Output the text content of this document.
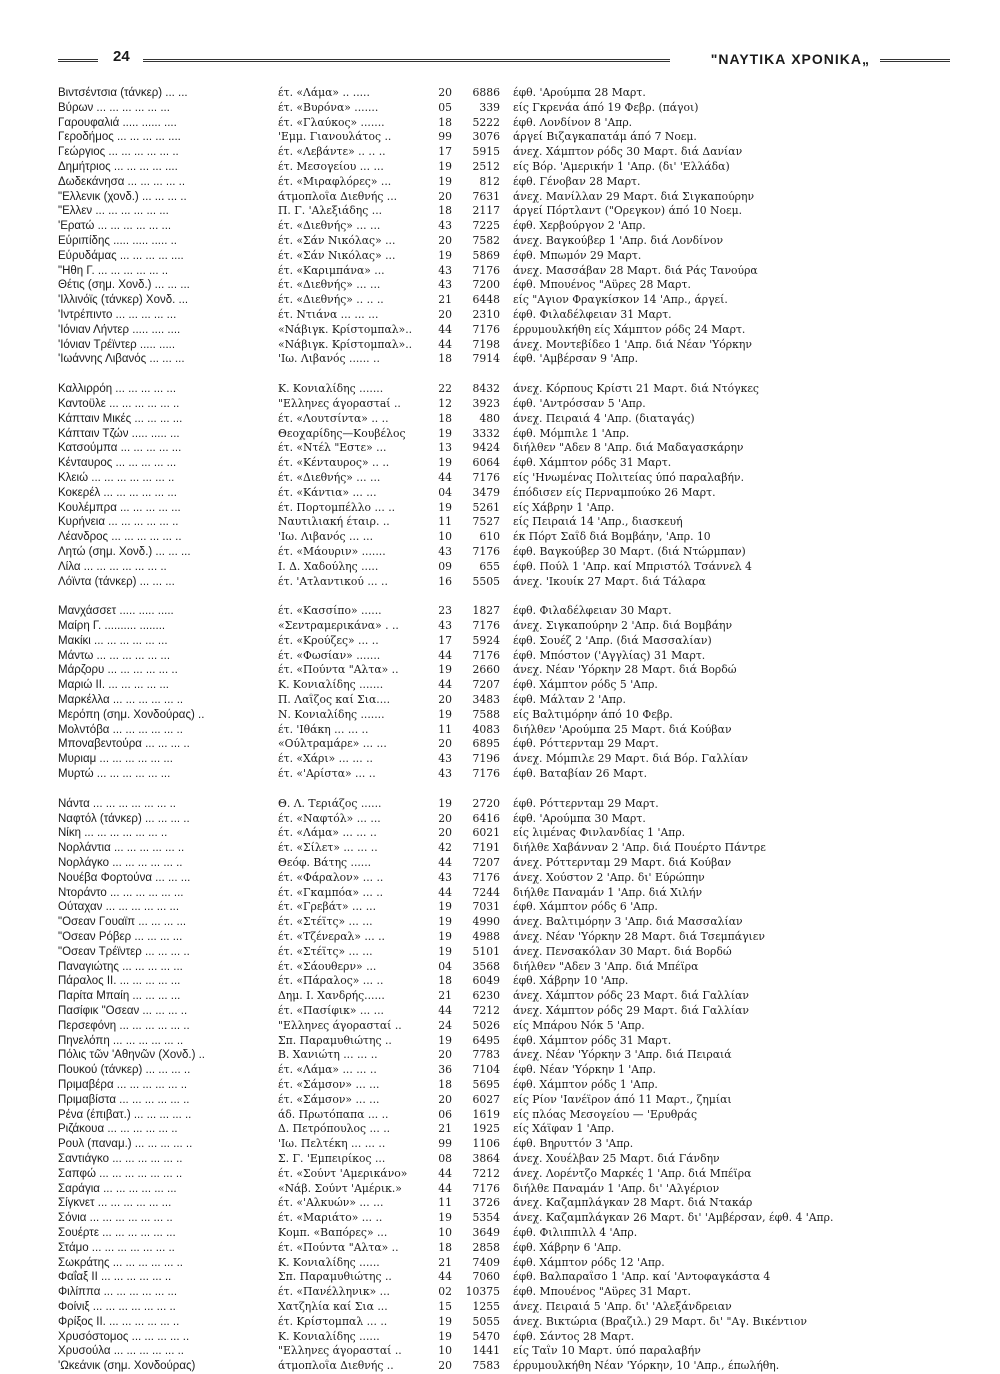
24	"ΝΑΥΤΙΚΑ ΧΡΟΝΙΚΑ„
Βιντσέντσια (τάνκερ) ... ...	έτ. «Λάμα» .. .....	20	6886 έφθ. 'Αρούμπα 28 Μαρτ.
Βύρων ... ... ... ... ... ...	έτ. «Βυρόνα» .......	05	339 είς Γκρενάα άπό 19 Φεβρ. (πάγοι)
Γαρουφαλιά ..... ...... ....	έτ. «Γλαύκος» .......	18	5222 έφθ. Λονδίνον 8 'Απρ.
Γεροδήμος ... ... ... ... ....	'Εμμ. Γιανουλάτος ..	99	3076 άργεί Βιζαγκαπατάμ άπό 7 Νοεμ.
Γεώργιος ... ... ... ... ... ..	έτ. «Λεβάντε» .. .. ..	17	5915 άνεχ. Χάμπτον ρόδς 30 Μαρτ. διά Δανίαν
Δημήτριος ... ... ... ... ....	έτ. Μεσογείου ... ...	19	2512 είς Βόρ. 'Αμερικήν 1 'Απρ. (δι' 'Ελλάδα)
Δωδεκάνησα ... ... ... ... ..	έτ. «Μιραφλόρες» ...	19	812 έφθ. Γένοβαν 28 Μαρτ.
"Ελλενικ (χονδ.) ... ... ... ..	άτμοπλοΐα Διεθνής ...	20	7631 άνεχ. Μανίλλαν 29 Μαρτ. διά Σιγκαπούρην
"Ελλεν ... ... ... ... ... ...	Π. Γ. 'Αλεξιάδης ...	18	2117 άργεί Πόρτλαντ ("Ορεγκον) άπό 10 Νοεμ.
'Ερατώ ... ... ... ... ... ...	έτ. «Διεθνής» ... ...	43	7225 έφθ. Χερβούργον 2 'Απρ.
Εύριπίδης ..... ..... ..... ..	έτ. «Σάν Νικόλας» ...	20	7582 άνεχ. Βαγκούβερ 1 'Απρ. διά Λονδίνον
Εύρυδάμας ... ... ... ... ....	έτ. «Σάν Νικόλας» ...	19	5869 έφθ. Μπωμόν 29 Μαρτ.
"Ηθη Γ. ... ... ... ... ... ..	έτ. «Καριμπάνα» ...	43	7176 άνεχ. Μασσάβαν 28 Μαρτ. διά Ράς Τανούρα
Θέτις (σημ. Χονδ.) ... ... ...	έτ. «Διεθνής» ... ...	43	7200 έφθ. Μπουένος "Αϋρες 28 Μαρτ.
'Ιλλινόϊς (τάνκερ) Χονδ. ...	έτ. «Διεθνής» .. .. ..	21	6448 είς "Αγιον Φραγκίσκον 14 'Απρ., άργεί.
'Ιντρέπιντο ... ... ... ... ...	έτ. Ντιάνα ... ... ...	20	2310 έφθ. Φιλαδέλφειαν 31 Μαρτ.
'Ιόνιαν Λήντερ ..... .... ....	«Νάβιγκ. Κρίστομπαλ»..	44	7176 έρρυμουλκήθη είς Χάμπτον ρόδς 24 Μαρτ.
'Ιόνιαν Τρέϊντερ ..... .....	«Νάβιγκ. Κρίστομπαλ»..	44	7198 άνεχ. Μοντεβίδεο 1 'Απρ. διά Νέαν 'Υόρκην
'Ιωάννης Λιβανός ... ... ...	'Ιω. Λιβανός ...... ..	18	7914 έφθ. 'Αμβέρσαν 9 'Απρ.
Καλλιρρόη ... ... ... ... ...	Κ. Κονιαλίδης .......	22	8432 άνεχ. Κόρπους Κρίστι 21 Μαρτ. διά Ντόγκες
Καντοϋλε ... ... ... ... ... ..	"Ελληνες άγοραστaί ..	12	3923 έφθ. 'Αντρόσσαν 5 'Απρ.
Κάπταιν Μικές ... ... ... ...	έτ. «Λουτσίντα» .. ..	18	480 άνεχ. Πειραιά 4 'Απρ. (διαταγάς)
Κάπταιν Τζών ..... ..... ...	Θεοχαρίδης—Κουβέλος	19	3332 έφθ. Μόμπιλε 1 'Απρ.
Κατσούμπα ... ... ... ... ...	έτ. «Ντέλ "Εστε» ...	13	9424 διήλθεν "Αδεν 8 'Απρ. διά Μαδαγασκάρην
Κένταυρος ... ... ... ... ...	έτ. «Κένταυρος» .. ..	19	6064 έφθ. Χάμπτον ρόδς 31 Μαρτ.
Κλειώ ... ... ... ... ... ... ..	έτ. «Διεθνής» ... ...	44	7176 είς 'Ηνωμένας Πολιτείας ύπό παραλαβήν.
Κοκερέλ ... ... ... ... ... ...	έτ. «Κάντια» ... ...	04	3479 έπόδισεν είς Περναμπούκο 26 Μαρτ.
Κουλέμπρα ... ... ... ... ...	έτ. Πορτομπέλλο ... ..	19	5261 είς Χάβρην 1 'Απρ.
Κυρήνεια ... ... ... ... ... ..	Ναυτιλιακή έταιρ. ..	11	7527 είς Πειραιά 14 'Απρ., διασκευή
Λέανδρος ... ... ... ... ... ..	'Ιω. Λιβανός ... ...	10	610 έκ Πόρτ Σαΐδ διά Βομβάην, 'Απρ. 10
Λητώ (σημ. Χονδ.) ... ... ...	έτ. «Μάουριν» .......	43	7176 έφθ. Βαγκούβερ 30 Μαρτ. (διά Ντώρμπαν)
Λίλα ... ... ... ... ... ... ..	Ι. Δ. Χαδούλης .....	09	655 έφθ. Πούλ 1 'Απρ. καί Μπριστόλ Τσάννελ 4
Λόϊντα (τάνκερ) ... ... ...	έτ. 'Ατλαντικού ... ..	16	5505 άνεχ. 'Ικουίκ 27 Μαρτ. διά Τάλαρα
Μανχάσσετ ..... ..... .....	έτ. «Κασσίπο» ......	23	1827 έφθ. Φιλαδέλφειαν 30 Μαρτ.
Μαίρη Γ. .......... ........	«Σεντραμερικάνα» . ..	43	7176 άνεχ. Σιγκαπούρην 2 'Απρ. διά Βομβάην
Μακίκι ... ... ... ... ... ...	έτ. «Κρούζες» ... ..	17	5924 έφθ. Σουέζ 2 'Απρ. (διά Μασσαλίαν)
Μάντω ... ... ... ... ... ...	έτ. «Φωσίαν» .......	44	7176 έφθ. Μπόστον ('Αγγλίας) 31 Μαρτ.
Μάρζορυ ... ... ... ... ... ..	έτ. «Πούντα "Αλτα» ..	19	2660 άνεχ. Νέαν 'Υόρκην 28 Μαρτ. διά Βορδώ
Μαριώ ΙΙ. ... ... ... ... ...	Κ. Κονιαλίδης .......	44	7207 έφθ. Χάμπτον ρόδς 5 'Απρ.
Μαρκέλλα ... ... ... ... ... ..	Π. Λαΐζος καί Σια....	20	3483 έφθ. Μάλταν 2 'Απρ.
Μερόπη (σημ. Χονδούρας) ..	Ν. Κονιαλίδης .......	19	7588 είς Βαλτιμόρην άπό 10 Φεβρ.
Μολντόβα ... ... ... ... ... ..	έτ. 'Ιθάκη ... ... ..	11	4083 διήλθεν 'Αρούμπα 25 Μαρτ. διά Κούβαν
Μποναβεντούρα ... ... ... ..	«Ούλτραμάρε» ... ...	20	6895 έφθ. Ρόττερνταμ 29 Μαρτ.
Μυριαμ ... ... ... ... ... ...	έτ. «Χάρι» ... ... ..	43	7196 άνεχ. Μόμπιλε 29 Μαρτ. διά Βόρ. Γαλλίαν
Μυρτώ ... ... ... ... ... ...	έτ. «'Αρίστα» ... ..	43	7176 έφθ. Βαταβίαν 26 Μαρτ.
Νάντα ... ... ... ... ... ... ..	Θ. Λ. Τεριάζος ......	19	2720 έφθ. Ρόττερνταμ 29 Μαρτ.
Ναφτόλ (τάνκερ) ... ... ... ..	έτ. «Ναφτόλ» ... ...	20	6416 έφθ. 'Αρούμπα 30 Μαρτ.
Νίκη ... ... ... ... ... ... ..	έτ. «Λάμα» ... ... ..	20	6021 είς λιμένας Φινλανδίας 1 'Απρ.
Νορλάντια ... ... ... ... ... ..	έτ. «Σίλετ» ... ... ..	42	7191 διήλθε Χαβάνναν 2 'Απρ. διά Πουέρτο Πάντρε
Νορλάγκο ... ... ... ... ... ..	Θεόφ. Βάτης ......	44	7207 άνεχ. Ρόττερνταμ 29 Μαρτ. διά Κούβαν
Νουέβα Φορτούνα ... ... ...	έτ. «Φάραλον» ... ..	43	7176 άνεχ. Χούστον 2 'Απρ. δι' Εύρώπην
Ντοράντο ... ... ... ... ... ...	έτ. «Γκαμπόα» ... ..	44	7244 διήλθε Παναμάν 1 'Απρ. διά Χιλήν
Ούταχαν ... ... ... ... ... ...	έτ. «Γρεβάτ» ... ...	19	7031 έφθ. Χάμπτον ρόδς 6 'Απρ.
"Οσεαν Γουαϊπ ... ... ... ...	έτ. «Στέϊτς» ... ...	19	4990 άνεχ. Βαλτιμόρην 3 'Απρ. διά Μασσαλίαν
"Οσεαν Ρόβερ ... ... ... ...	έτ. «Τζένεραλ» ... ..	19	4988 άνεχ. Νέαν 'Υόρκην 28 Μαρτ. διά Τσεμπάγιεν
"Οσεαν Τρέϊντερ ... ... ... ..	έτ. «Στέϊτς» ... ...	19	5101 άνεχ. Πενσακόλαν 30 Μαρτ. διά Βορδώ
Παναγιώτης ... ... ... ... ...	έτ. «Σάουθερν» ...	04	3568 διήλθεν "Αδεν 3 'Απρ. διά Μπέϊρα
Πάραλος ΙΙ. ... ... ... ... ...	έτ. «Πάραλος» ... ..	18	6049 έφθ. Χάβρην 10 'Απρ.
Παρίτα Μπαίη ... ... ... ...	Δημ. Ι. Χανδρής......	21	6230 άνεχ. Χάμπτον ρόδς 23 Μαρτ. διά Γαλλίαν
Πασίφικ "Οσεαν ... ... ... ..	έτ. «Πασίφικ» ... ...	44	7212 άνεχ. Χάμπτον ρόδς 29 Μαρτ. διά Γαλλίαν
Περσεφόνη ... ... ... ... ... ..	"Ελληνες άγορασταί ..	24	5026 είς Μπάρου Νόκ 5 'Απρ.
Πηνελόπη ... ... ... ... ... ..	Σπ. Παραμυθιώτης ..	19	6495 έφθ. Χάμπτον ρόδς 31 Μαρτ.
Πόλις τῶν 'Αθηνῶν (Χονδ.) ..	Β. Χανιώτη ... ... ..	20	7783 άνεχ. Νέαν 'Υόρκην 3 'Απρ. διά Πειραιά
Πουκού (τάνκερ) ... ... ... ..	έτ. «Λάμα» ... ... ..	36	7104 έφθ. Νέαν 'Υόρκην 1 'Απρ.
Πριμαβέρα ... ... ... ... ... ..	έτ. «Σάμσον» ... ...	18	5695 έφθ. Χάμπτον ρόδς 1 'Απρ.
Πριμαβίστα ... ... ... ... ... ..	έτ. «Σάμσον» ... ...	20	6027 είς Ρίον 'Ιανέϊρον άπό 11 Μαρτ., ζημίαι
Ρένα (έπιβατ.) ... ... ... ... ..	άδ. Πρωτόπαπα ... ..	06	1619 είς πλόας Μεσογείου — 'Ερυθράς
Ριζάκουα ... ... ... ... ... ..	Δ. Πετρόπουλος ... ..	21	1925 είς Χάϊφαν 1 'Απρ.
Ρουλ (παναμ.) ... ... ... ... ..	'Ιω. Πελτέκη ... ... ..	99	1106 έφθ. Βηρυττόν 3 'Απρ.
Σαντιάγκο ... ... ... ... ... ..	Σ. Γ. 'Εμπειρίκος ...	08	3864 άνεχ. Χουέλβαν 25 Μαρτ. διά Γάνδην
Σαπφώ ... ... ... ... ... ... ..	έτ. «Σούντ 'Αμερικάνο»	44	7212 άνεχ. Λορέντζο Μαρκές 1 'Απρ. διά Μπέϊρα
Σαράγια ... ... ... ... ... ...	«Νάβ. Σούντ 'Αμέρικ.»	44	7176 διήλθε Παναμάν 1 'Απρ. δι' 'Αλγέριον
Σίγκνετ ... ... ... ... ... ...	έτ. «'Αλκυών» ... ...	11	3726 άνεχ. Καζαμπλάγκαν 28 Μαρτ. διά Ντακάρ
Σόνια ... ... ... ... ... ... ..	έτ. «Μαριάτο» ... ..	19	5354 άνεχ. Καζαμπλάγκαν 26 Μαρτ. δι' 'Αμβέρσαν, έφθ. 4 'Απρ.
Σουέρτε ... ... ... ... ... ...	Κομπ. «Βαπόρες» ...	10	3649 έφθ. Φιλιππιλλ 4 'Απρ.
Στάμο ... ... ... ... ... ... ..	έτ. «Πούντα "Αλτα» ..	18	2858 έφθ. Χάβρην 6 'Απρ.
Σωκράτης ... ... ... ... ... ..	Κ. Κονιαλίδης ......	21	7409 έφθ. Χάμπτον ρόδς 12 'Απρ.
Φαΐαξ ΙΙ ... ... ... ... ... ..	Σπ. Παραμυθιώτης ..	44	7060 έφθ. Βαλπαραΐσο 1 'Απρ. καί 'Αντοφαγκάστα 4
Φιλίππα ... ... ... ... ... ...	έτ. «Πανέλληνικ» ...	02	10375 έφθ. Μπουένος "Αϋρες 31 Μαρτ.
Φοίνιξ ... ... ... ... ... ... ..	Χατζηλία καί Σια ...	15	1255 άνεχ. Πειραιά 5 'Απρ. δι' 'Αλεξάνδρειαν
Φρίξος ΙΙ. ... ... ... ... ... ..	έτ. Κρίστομπαλ ... ..	19	5055 άνεχ. Βικτώρια (Βραζιλ.) 29 Μαρτ. δι' "Αγ. Βικέντιον
Χρυσόστομος ... ... ... ... ..	Κ. Κονιαλίδης ......	19	5470 έφθ. Σάντος 28 Μαρτ.
Χρυσούλα ... ... ... ... ... ..	"Ελληνες άγορασταί ..	10	1441 είς Ταΐν 10 Μαρτ. ύπό παραλαβήν
'Ωκεάνικ (σημ. Χονδούρας)	άτμοπλοΐα Διεθνής ..	20	7583 έρρυμουλκήθη Νέαν 'Υόρκην, 10 'Απρ., έπωλήθη.
